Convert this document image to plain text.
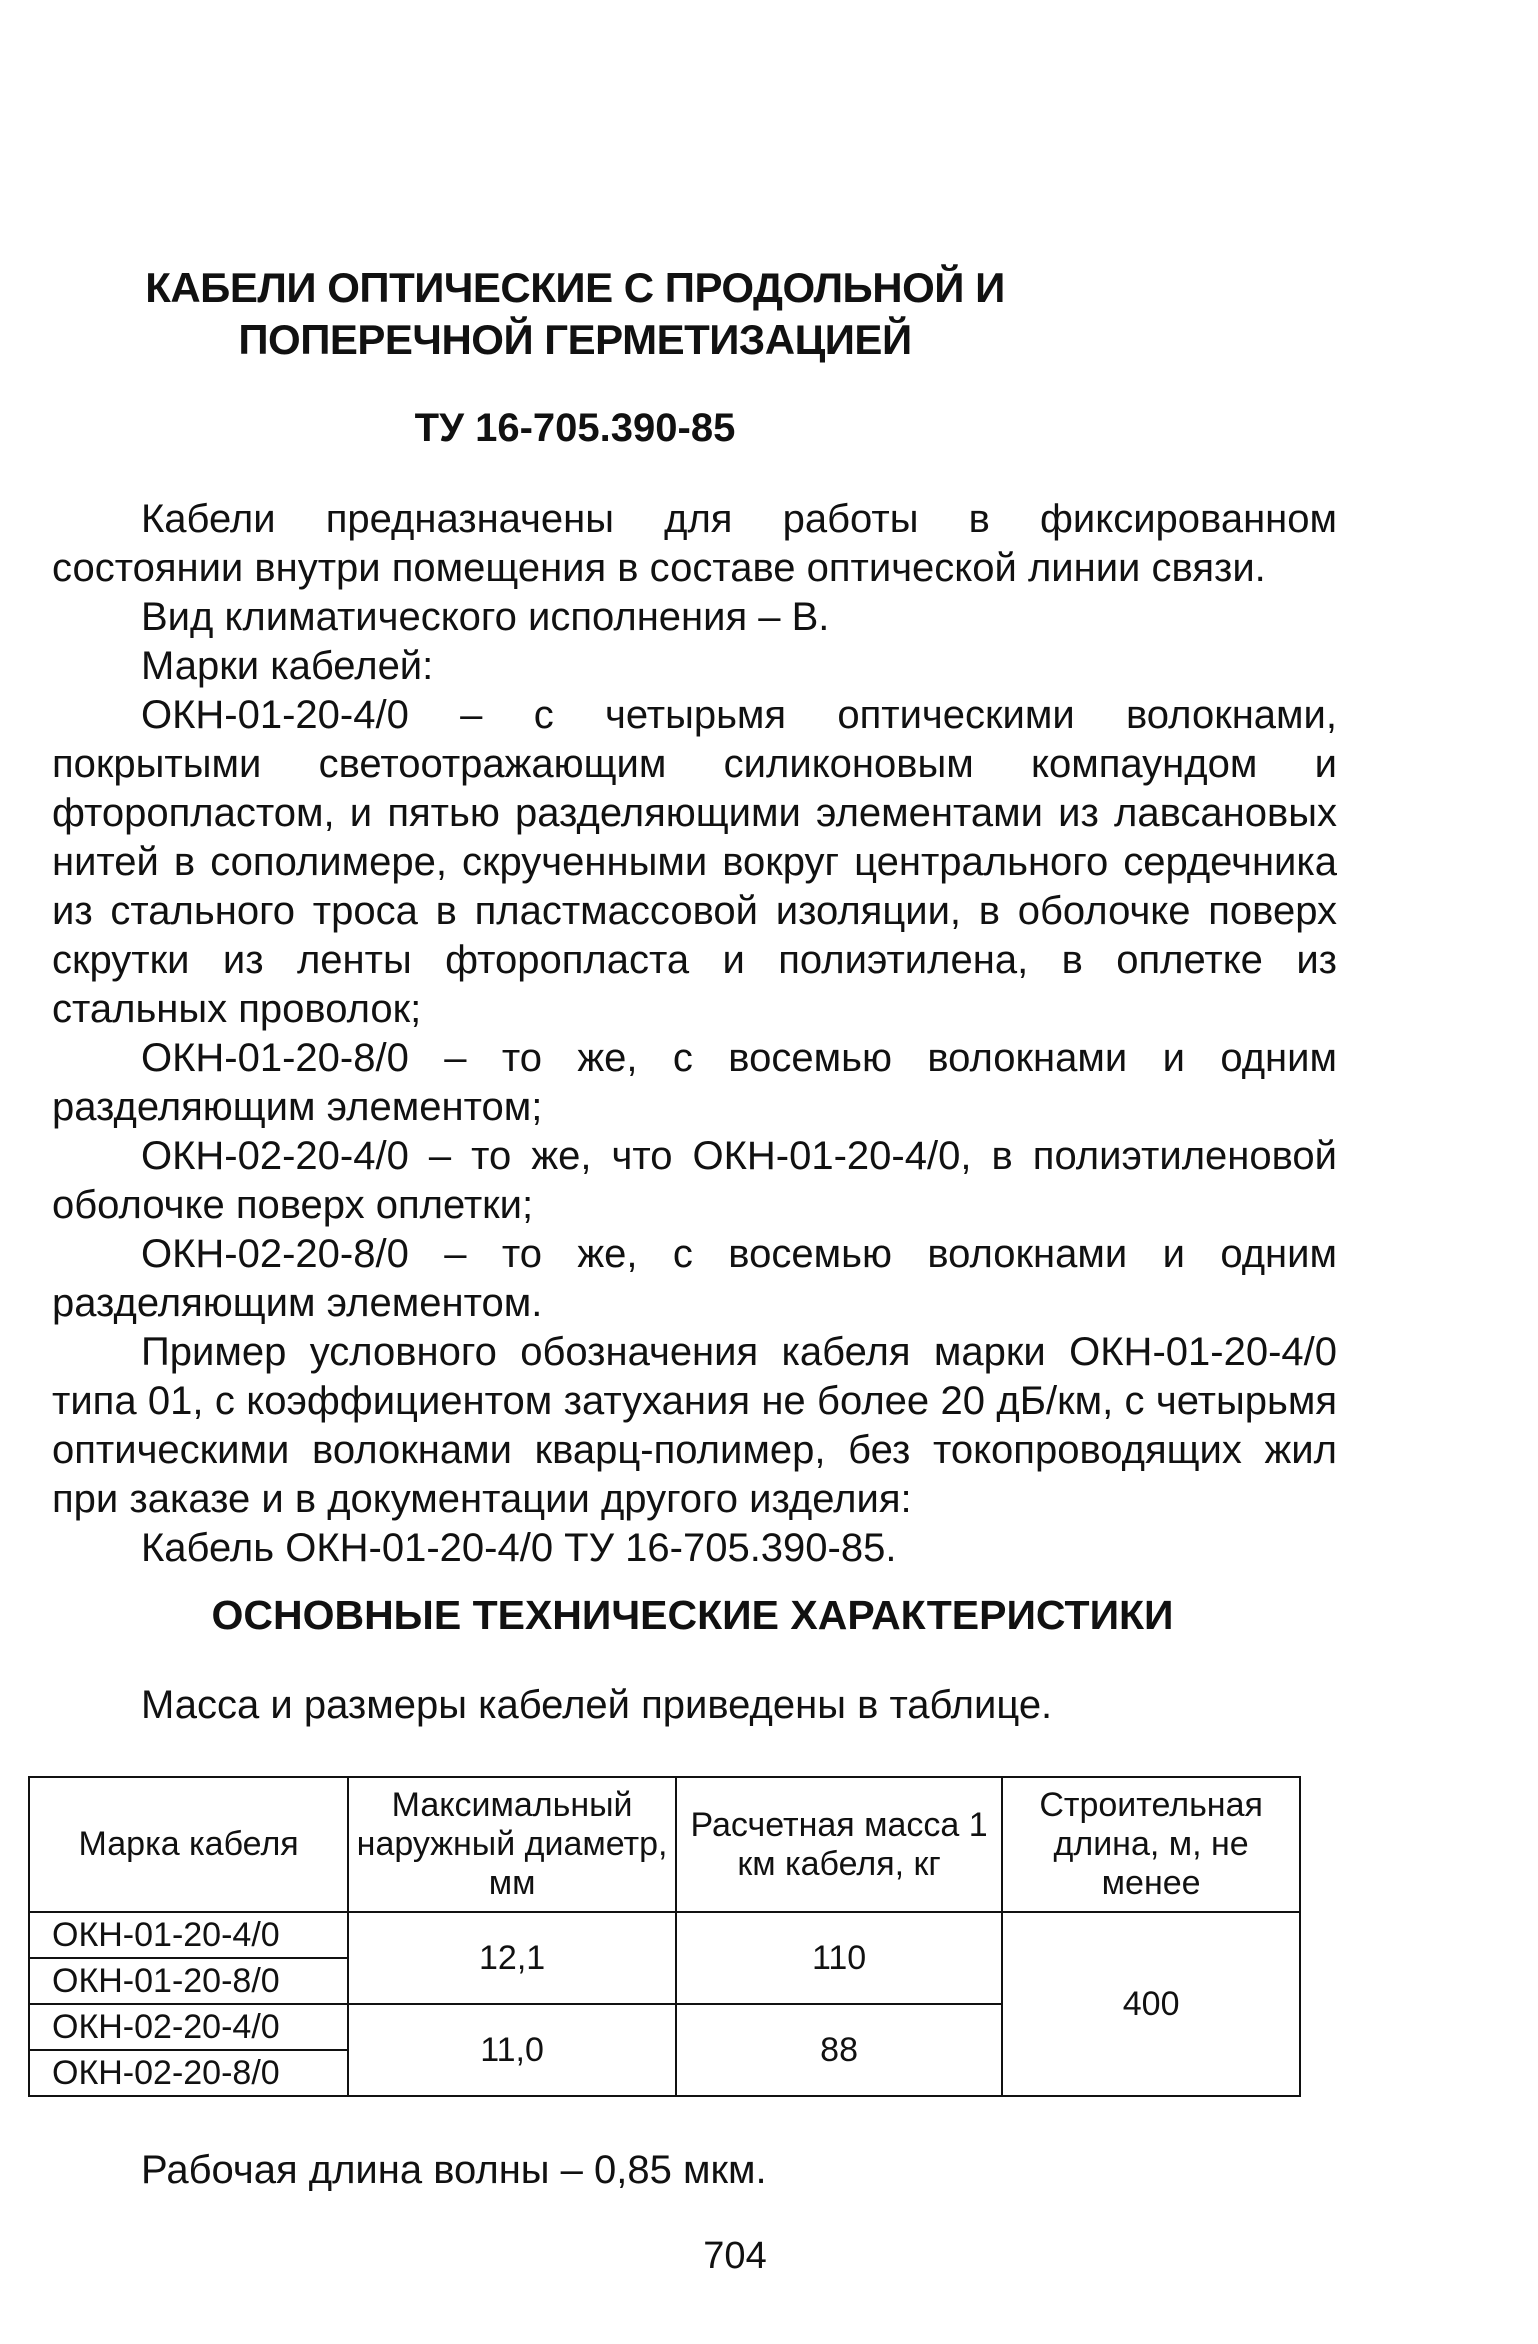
КАБЕЛИ ОПТИЧЕСКИЕ С ПРОДОЛЬНОЙ И
ПОПЕРЕЧНОЙ ГЕРМЕТИЗАЦИЕЙ
ТУ 16-705.390-85

Кабели предназначены для работы в фиксированном состоянии внутри помещения в составе оптической линии связи.

Вид климатического исполнения – В.

Марки кабелей:

ОКН-01-20-4/0 – с четырьмя оптическими волокнами, покрытыми светоотражающим силиконовым компаундом и фторопластом, и пятью разделяющими элементами из лавсановых нитей в сополимере, скрученными вокруг центрального сердечника из стального троса в пластмассовой изоляции, в оболочке поверх скрутки из ленты фторопласта и полиэтилена, в оплетке из стальных проволок;

ОКН-01-20-8/0 – то же, с восемью волокнами и одним разделяющим элементом;

ОКН-02-20-4/0 – то же, что ОКН-01-20-4/0, в полиэтиленовой оболочке поверх оплетки;

ОКН-02-20-8/0 – то же, с восемью волокнами и одним разделяющим элементом.

Пример условного обозначения кабеля марки ОКН-01-20-4/0 типа 01, с коэффициентом затухания не более 20 дБ/км, с четырьмя оптическими волокнами кварц-полимер, без токопроводящих жил при заказе и в документации другого изделия:

Кабель ОКН-01-20-4/0 ТУ 16-705.390-85.

ОСНОВНЫЕ ТЕХНИЧЕСКИЕ ХАРАКТЕРИСТИКИ
Масса и размеры кабелей приведены в таблице.
Марка кабеля	Максимальный наружный диаметр, мм	Расчетная масса 1 км кабеля, кг	Строительная длина, м, не менее
ОКН-01-20-4/0	12,1	110	400
ОКН-01-20-8/0			
ОКН-02-20-4/0	11,0	88	
ОКН-02-20-8/0			
Рабочая длина волны – 0,85 мкм.
704
